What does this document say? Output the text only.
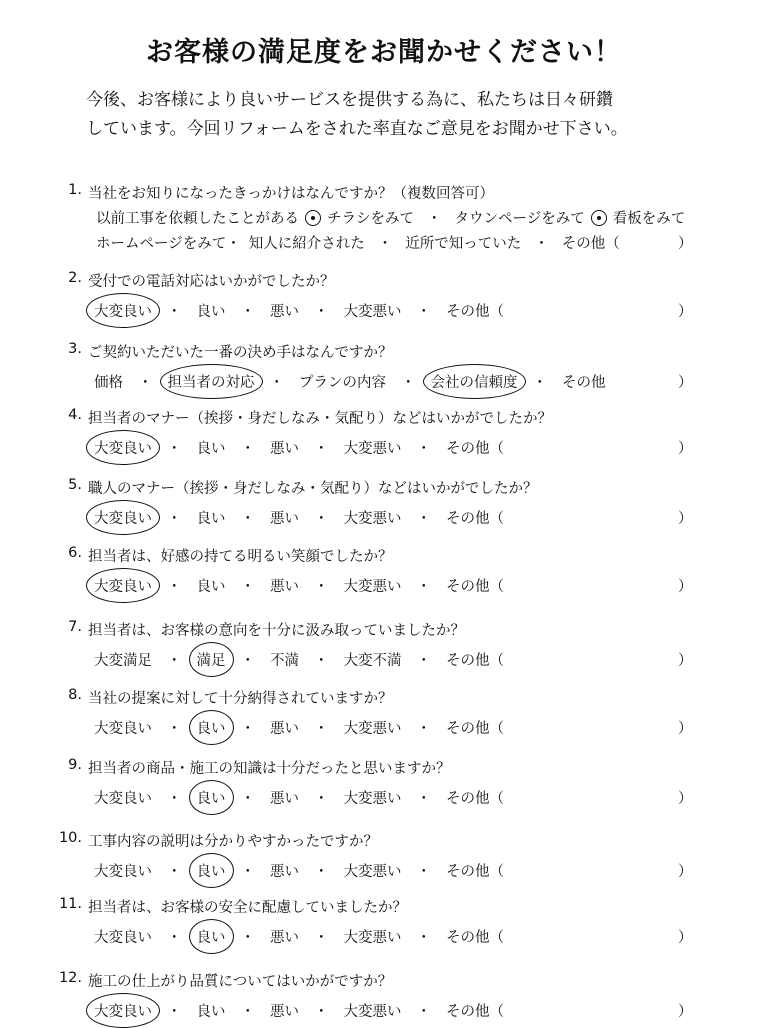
お客様の満足度をお聞かせください！
今後、お客様により良いサービスを提供する為に、私たちは日々研鑽
しています。今回リフォームをされた率直なご意見をお聞かせ下さい。
1. 当社をお知りになったきっかけはなんですか？（複数回答可）
以前工事を依頼したことがある チラシをみて ・ タウンページをみて 看板をみて
ホームページをみて・ 知人に紹介された ・ 近所で知っていた ・ その他（	）
2. 受付での電話対応はいかがでしたか？
大変良い ・ 良い ・ 悪い ・ 大変悪い ・ その他（	）
3. ご契約いただいた一番の決め手はなんですか？
価格 ・ 担当者の対応 ・ プランの内容 ・ 会社の信頼度 ・ その他	）
4. 担当者のマナー（挨拶・身だしなみ・気配り）などはいかがでしたか？
大変良い ・ 良い ・ 悪い ・ 大変悪い ・ その他（	）
5. 職人のマナー（挨拶・身だしなみ・気配り）などはいかがでしたか？
大変良い ・ 良い ・ 悪い ・ 大変悪い ・ その他（	）
6. 担当者は、好感の持てる明るい笑顔でしたか？
大変良い ・ 良い ・ 悪い ・ 大変悪い ・ その他（	）
7. 担当者は、お客様の意向を十分に汲み取っていましたか？
大変満足 ・ 満足 ・ 不満 ・ 大変不満 ・ その他（	）
8. 当社の提案に対して十分納得されていますか？
大変良い ・ 良い ・ 悪い ・ 大変悪い ・ その他（	）
9. 担当者の商品・施工の知識は十分だったと思いますか？
大変良い ・ 良い ・ 悪い ・ 大変悪い ・ その他（	）
10. 工事内容の説明は分かりやすかったですか？
大変良い ・ 良い ・ 悪い ・ 大変悪い ・ その他（	）
11. 担当者は、お客様の安全に配慮していましたか？
大変良い ・ 良い ・ 悪い ・ 大変悪い ・ その他（	）
12. 施工の仕上がり品質についてはいかがですか？
大変良い ・ 良い ・ 悪い ・ 大変悪い ・ その他（	）
